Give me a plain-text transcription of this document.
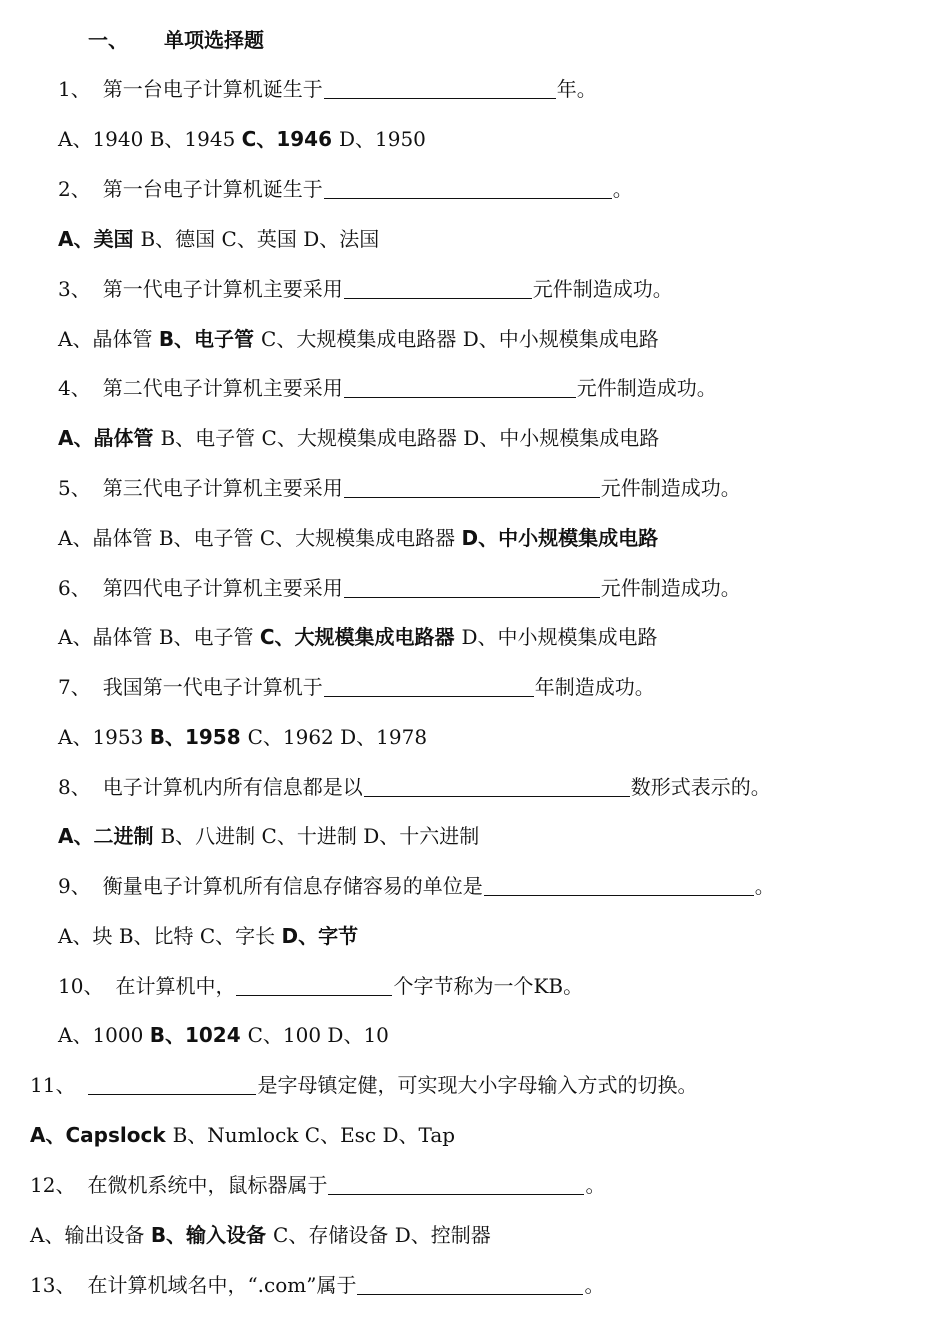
一、 单项选择题
1、 第一台电子计算机诞生于	年。
A、1940 B、1945 C、1946 D、1950
2、 第一台电子计算机诞生于	。
A、美国 B、德国 C、英国 D、法国
3、 第一代电子计算机主要采用	元件制造成功。
A、晶体管 B、电子管 C、大规模集成电路器 D、中小规模集成电路
4、 第二代电子计算机主要采用	元件制造成功。
A、晶体管 B、电子管 C、大规模集成电路器 D、中小规模集成电路
5、 第三代电子计算机主要采用	元件制造成功。
A、晶体管 B、电子管 C、大规模集成电路器 D、中小规模集成电路
6、 第四代电子计算机主要采用	元件制造成功。
A、晶体管 B、电子管 C、大规模集成电路器 D、中小规模集成电路
7、 我国第一代电子计算机于	年制造成功。
A、1953 B、1958 C、1962 D、1978
8、 电子计算机内所有信息都是以	数形式表示的。
A、二进制 B、八进制 C、十进制 D、十六进制
9、 衡量电子计算机所有信息存储容易的单位是	。
A、块 B、比特 C、字长 D、字节
10、 在计算机中，	个字节称为一个KB。
A、1000 B、1024 C、100 D、10
11、	是字母镇定健，可实现大小字母输入方式的切换。
A、Capslock B、Numlock C、Esc D、Tap
12、 在微机系统中，鼠标器属于	。
A、输出设备 B、输入设备 C、存储设备 D、控制器
13、 在计算机域名中，“.com”属于	。
